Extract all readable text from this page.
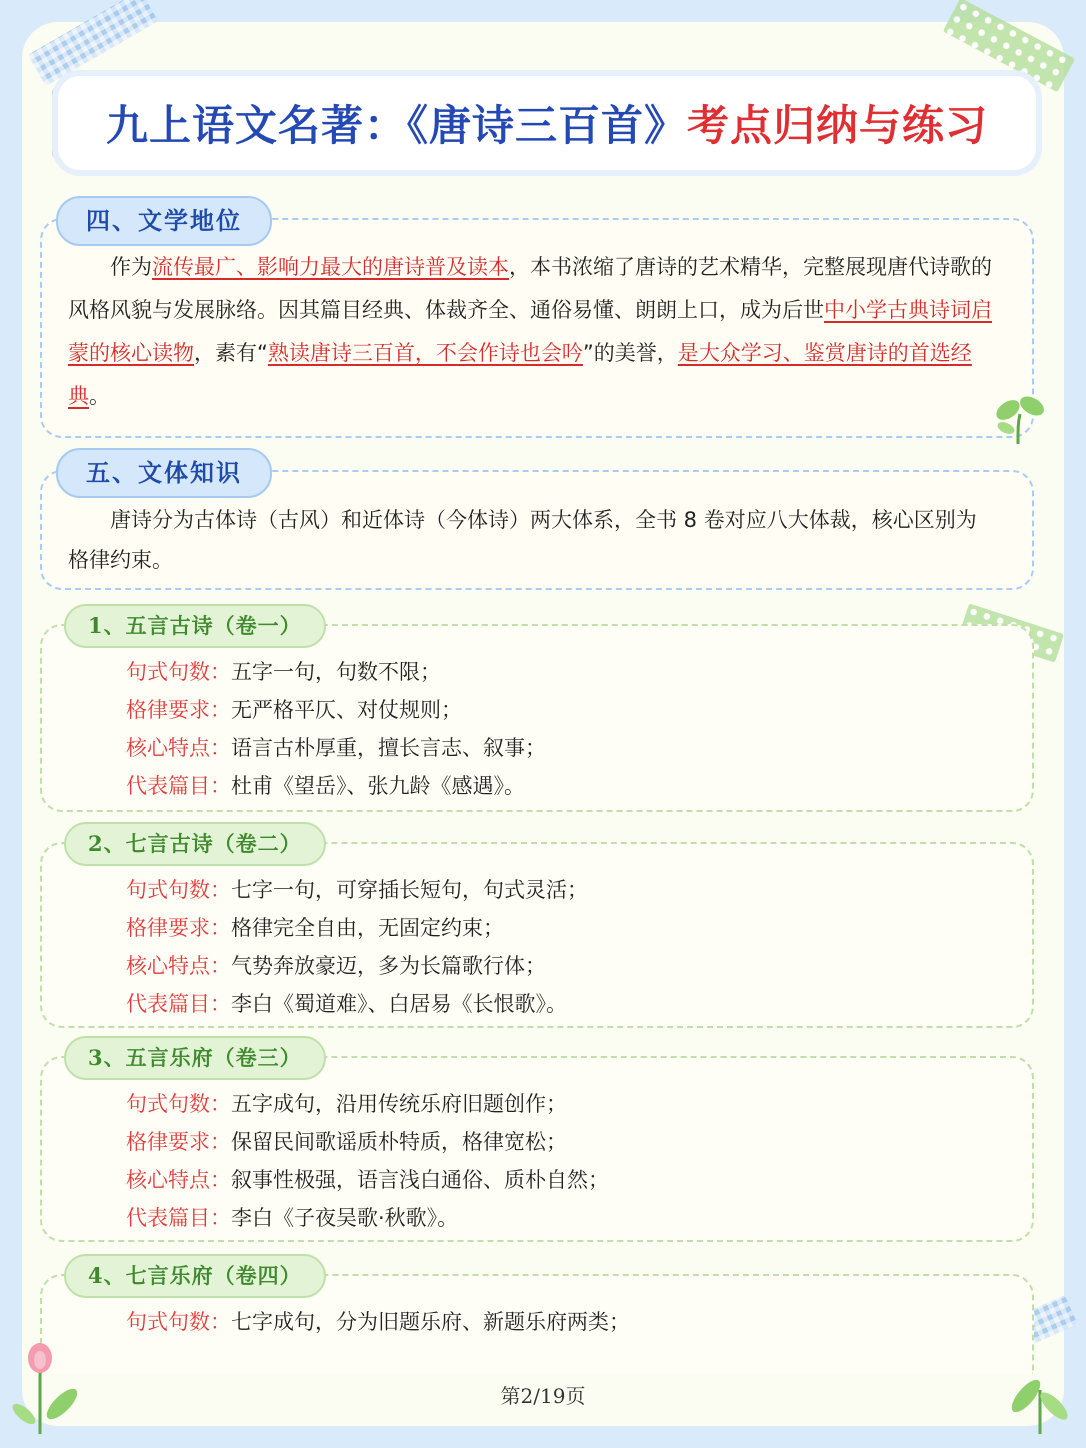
九上语文名著：《唐诗三百首》考点归纳与练习
四、文学地位

作为流传最广、影响力最大的唐诗普及读本，本书浓缩了唐诗的艺术精华，完整展现唐代诗歌的风格风貌与发展脉络。因其篇目经典、体裁齐全、通俗易懂、朗朗上口，成为后世中小学古典诗词启蒙的核心读物，素有“熟读唐诗三百首，不会作诗也会吟”的美誉，是大众学习、鉴赏唐诗的首选经典。

五、文体知识

唐诗分为古体诗（古风）和近体诗（今体诗）两大体系，全书 8 卷对应八大体裁，核心区别为格律约束。

1、五言古诗（卷一）
句式句数：五字一句，句数不限；
格律要求：无严格平仄、对仗规则；
核心特点：语言古朴厚重，擅长言志、叙事；
代表篇目：杜甫《望岳》、张九龄《感遇》。
2、七言古诗（卷二）
句式句数：七字一句，可穿插长短句，句式灵活；
格律要求：格律完全自由，无固定约束；
核心特点：气势奔放豪迈，多为长篇歌行体；
代表篇目：李白《蜀道难》、白居易《长恨歌》。
3、五言乐府（卷三）
句式句数：五字成句，沿用传统乐府旧题创作；
格律要求：保留民间歌谣质朴特质，格律宽松；
核心特点：叙事性极强，语言浅白通俗、质朴自然；
代表篇目：李白《子夜吴歌·秋歌》。
4、七言乐府（卷四）
句式句数：七字成句，分为旧题乐府、新题乐府两类；
第2/19页
